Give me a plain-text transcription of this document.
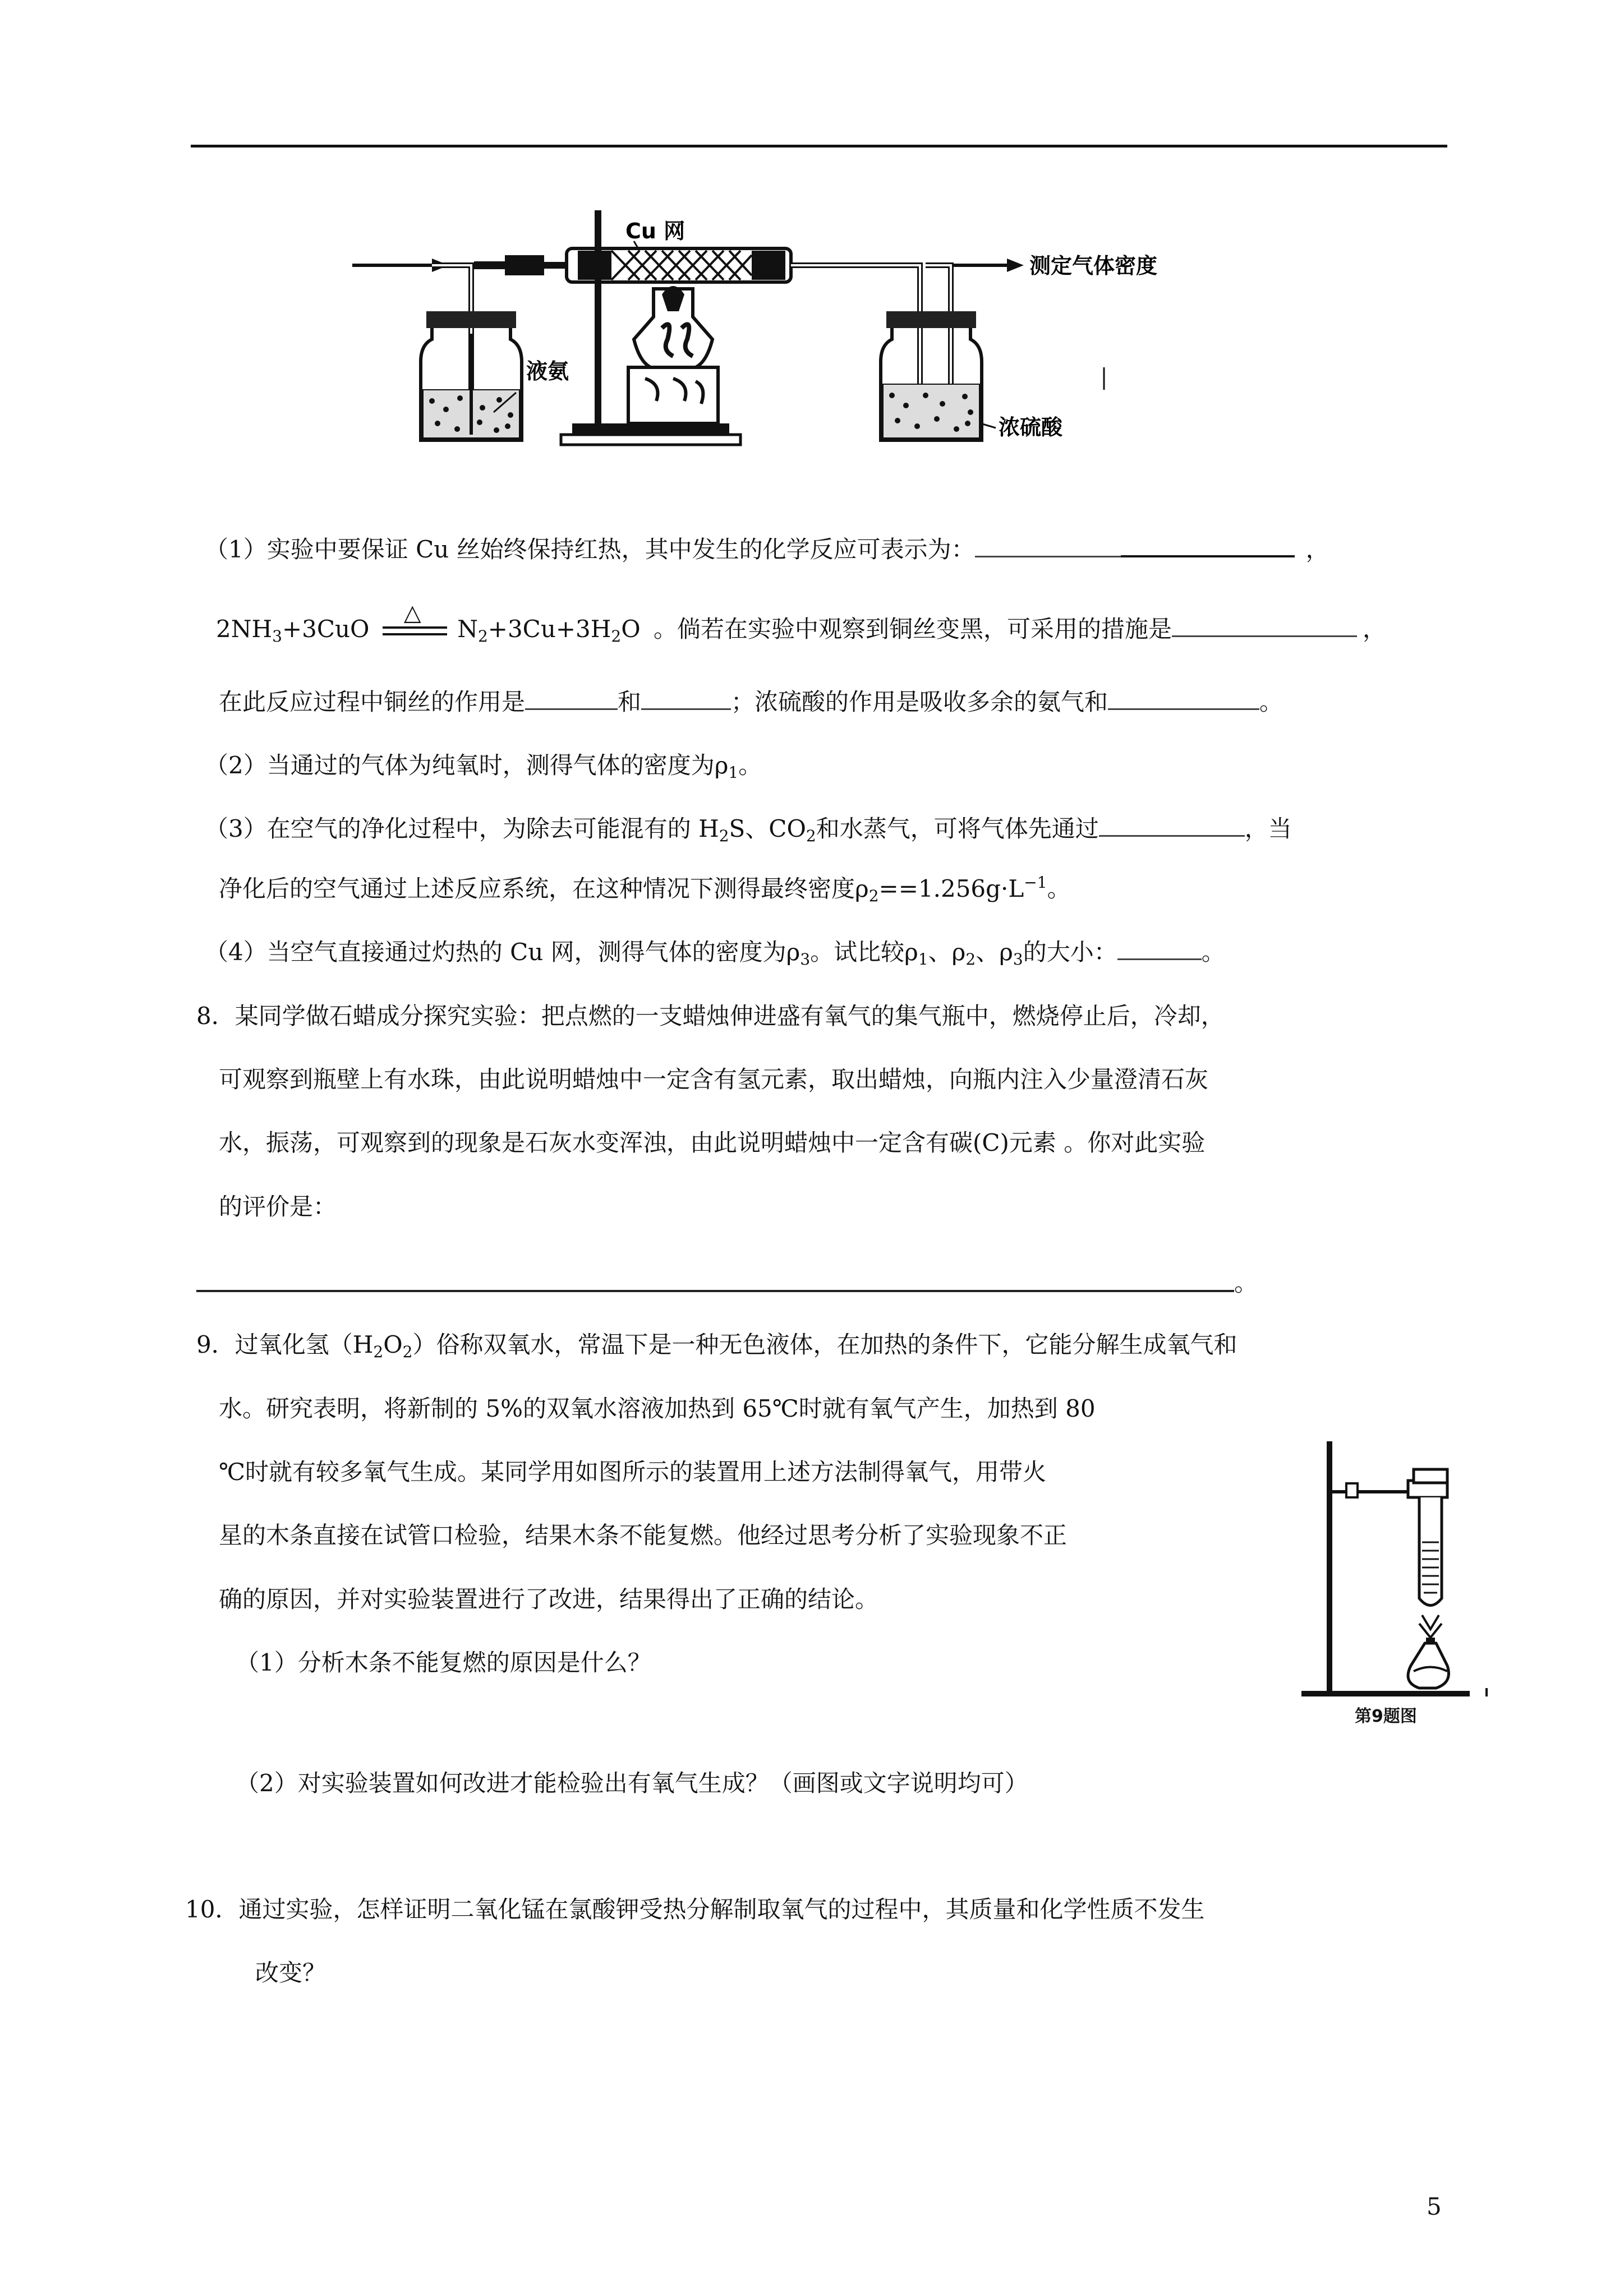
Cu 网
测定气体密度
液氨
浓硫酸
（1）实验中要保证 Cu 丝始终保持红热，其中发生的化学反应可表示为：	，
$2NH_3+3CuO$
△
$N_2+3Cu+3H_2O$ 。倘若在实验中观察到铜丝变黑，可采用的措施是	，
在此反应过程中铜丝的作用是	和	；浓硫酸的作用是吸收多余的氨气和	。
（2）当通过的气体为纯氧时，测得气体的密度为$\rho_1$。
（3）在空气的净化过程中，为除去可能混有的 $H_2S$、$CO_2$和水蒸气，可将气体先通过	，当
净化后的空气通过上述反应系统，在这种情况下测得最终密度$\rho_2==1.256g\cdot L^{-1}$。
（4）当空气直接通过灼热的 Cu 网，测得气体的密度为$\rho_3$。试比较$\rho_1$、$\rho_2$、$\rho_3$的大小：	。
8．某同学做石蜡成分探究实验：把点燃的一支蜡烛伸进盛有氧气的集气瓶中，燃烧停止后，冷却，
可观察到瓶壁上有水珠，由此说明蜡烛中一定含有氢元素，取出蜡烛，向瓶内注入少量澄清石灰
水，振荡，可观察到的现象是石灰水变浑浊，由此说明蜡烛中一定含有碳(C)元素 。你对此实验
的评价是：
。
9．过氧化氢$(H_2O_2)$俗称双氧水，常温下是一种无色液体，在加热的条件下，它能分解生成氧气和
水。研究表明，将新制的 5%的双氧水溶液加热到 65℃时就有氧气产生，加热到 80
℃时就有较多氧气生成。某同学用如图所示的装置用上述方法制得氧气，用带火
星的木条直接在试管口检验，结果木条不能复燃。他经过思考分析了实验现象不正
确的原因，并对实验装置进行了改进，结果得出了正确的结论。
（1）分析木条不能复燃的原因是什么？
第9题图
（2）对实验装置如何改进才能检验出有氧气生成？（画图或文字说明均可）
10．通过实验，怎样证明二氧化锰在氯酸钾受热分解制取氧气的过程中，其质量和化学性质不发生
改变？
5
